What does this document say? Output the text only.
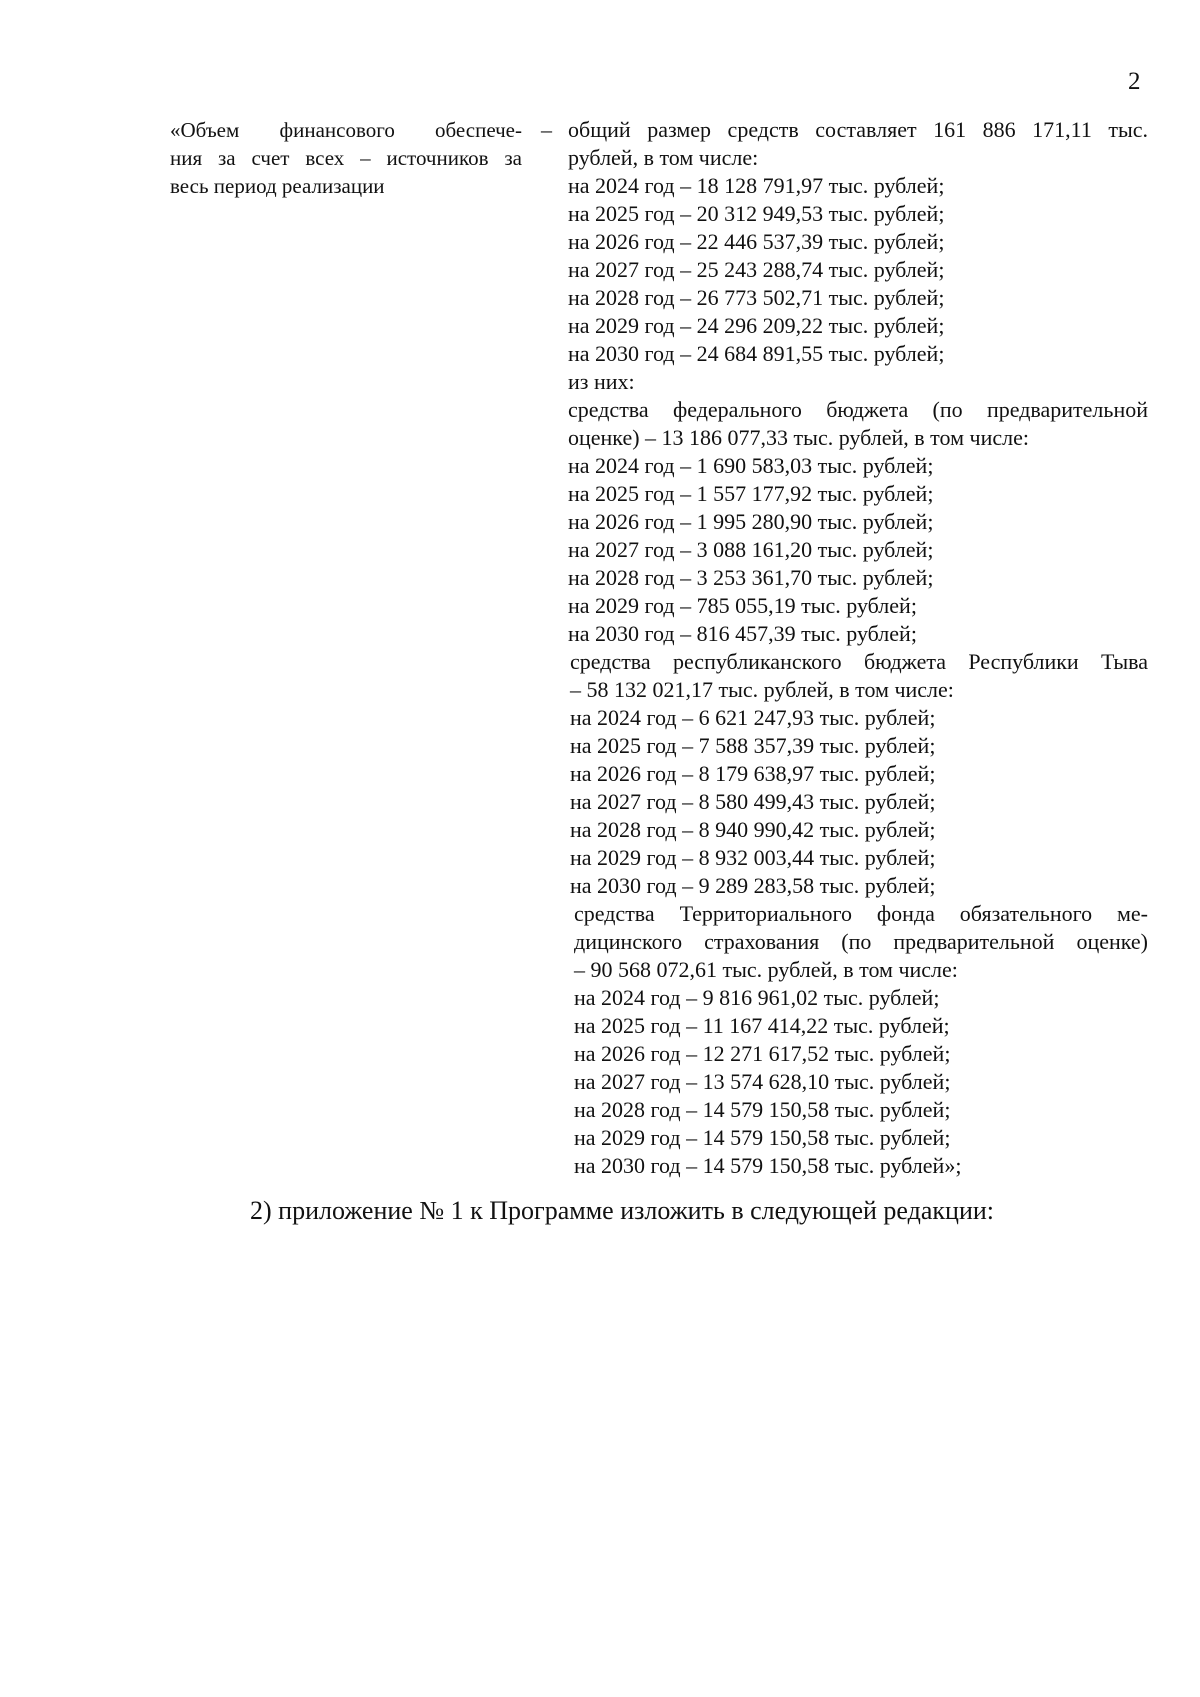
2
«Объем финансового обеспече-
ния за счет всех – источников за
весь период реализации
– общий размер средств составляет 161 886 171,11 тыс.
рублей, в том числе:
на 2024 год – 18 128 791,97 тыс. рублей;
на 2025 год – 20 312 949,53 тыс. рублей;
на 2026 год – 22 446 537,39 тыс. рублей;
на 2027 год – 25 243 288,74 тыс. рублей;
на 2028 год – 26 773 502,71 тыс. рублей;
на 2029 год – 24 296 209,22 тыс. рублей;
на 2030 год – 24 684 891,55 тыс. рублей;
из них:
средства федерального бюджета (по предварительной
оценке) – 13 186 077,33 тыс. рублей, в том числе:
на 2024 год – 1 690 583,03 тыс. рублей;
на 2025 год – 1 557 177,92 тыс. рублей;
на 2026 год – 1 995 280,90 тыс. рублей;
на 2027 год – 3 088 161,20 тыс. рублей;
на 2028 год – 3 253 361,70 тыс. рублей;
на 2029 год – 785 055,19 тыс. рублей;
на 2030 год – 816 457,39 тыс. рублей;
средства республиканского бюджета Республики Тыва
– 58 132 021,17 тыс. рублей, в том числе:
на 2024 год – 6 621 247,93 тыс. рублей;
на 2025 год – 7 588 357,39 тыс. рублей;
на 2026 год – 8 179 638,97 тыс. рублей;
на 2027 год – 8 580 499,43 тыс. рублей;
на 2028 год – 8 940 990,42 тыс. рублей;
на 2029 год – 8 932 003,44 тыс. рублей;
на 2030 год – 9 289 283,58 тыс. рублей;
средства Территориального фонда обязательного ме-
дицинского страхования (по предварительной оценке)
– 90 568 072,61 тыс. рублей, в том числе:
на 2024 год – 9 816 961,02 тыс. рублей;
на 2025 год – 11 167 414,22 тыс. рублей;
на 2026 год – 12 271 617,52 тыс. рублей;
на 2027 год – 13 574 628,10 тыс. рублей;
на 2028 год – 14 579 150,58 тыс. рублей;
на 2029 год – 14 579 150,58 тыс. рублей;
на 2030 год – 14 579 150,58 тыс. рублей»;
2) приложение № 1 к Программе изложить в следующей редакции:
